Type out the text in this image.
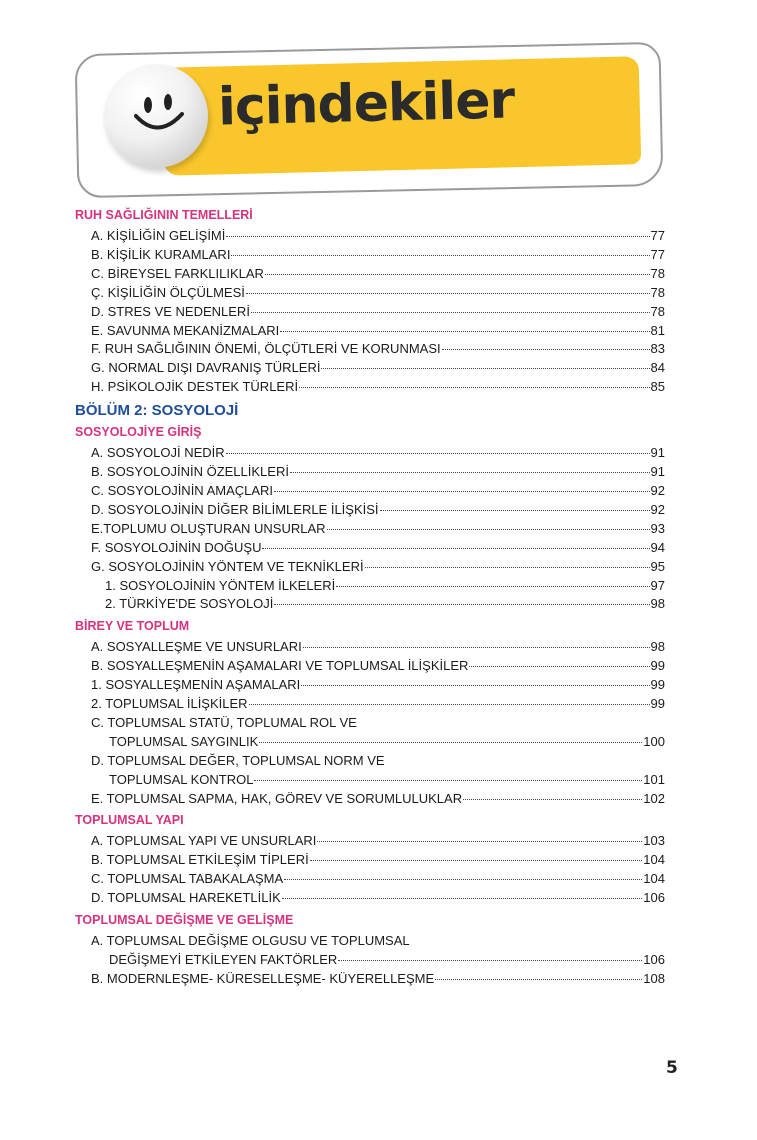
içindekiler
RUH SAĞLIĞININ TEMELLERİ
A. KİŞİLİĞİN GELİŞİMİ	77
B. KİŞİLİK KURAMLARI	77
C. BİREYSEL FARKLILIKLAR	78
Ç. KİŞİLİĞİN ÖLÇÜLMESİ	78
D. STRES VE NEDENLERİ	78
E. SAVUNMA MEKANİZMALARI	81
F. RUH SAĞLIĞININ ÖNEMİ, ÖLÇÜTLERİ VE KORUNMASI	83
G. NORMAL DIŞI DAVRANIŞ TÜRLERİ	84
H. PSİKOLOJİK DESTEK TÜRLERİ	85
BÖLÜM 2: SOSYOLOJİ
SOSYOLOJİYE GİRİŞ
A. SOSYOLOJİ NEDİR	91
B. SOSYOLOJİNİN ÖZELLİKLERİ	91
C. SOSYOLOJİNİN AMAÇLARI	92
D. SOSYOLOJİNİN DİĞER BİLİMLERLE İLİŞKİSİ	92
E.TOPLUMU OLUŞTURAN UNSURLAR	93
F. SOSYOLOJİNİN DOĞUŞU	94
G. SOSYOLOJİNİN YÖNTEM VE TEKNİKLERİ	95
1. SOSYOLOJİNİN YÖNTEM İLKELERİ	97
2. TÜRKİYE'DE SOSYOLOJİ	98
BİREY VE TOPLUM
A. SOSYALLEŞME VE UNSURLARI	98
B. SOSYALLEŞMENİN AŞAMALARI VE TOPLUMSAL İLİŞKİLER	99
1. SOSYALLEŞMENİN AŞAMALARI	99
2. TOPLUMSAL İLİŞKİLER	99
C. TOPLUMSAL STATÜ, TOPLUMAL ROL VE
TOPLUMSAL SAYGINLIK	100
D. TOPLUMSAL DEĞER, TOPLUMSAL NORM VE
TOPLUMSAL KONTROL	101
E. TOPLUMSAL SAPMA, HAK, GÖREV VE SORUMLULUKLAR	102
TOPLUMSAL YAPI
A. TOPLUMSAL YAPI VE UNSURLARI	103
B. TOPLUMSAL ETKİLEŞİM TİPLERİ	104
C. TOPLUMSAL TABAKALAŞMA	104
D. TOPLUMSAL HAREKETLİLİK	106
TOPLUMSAL DEĞİŞME VE GELİŞME
A. TOPLUMSAL DEĞİŞME OLGUSU VE TOPLUMSAL
DEĞİŞMEYİ ETKİLEYEN FAKTÖRLER	106
B. MODERNLEŞME- KÜRESELLEŞME- KÜYERELLEŞME	108
5
